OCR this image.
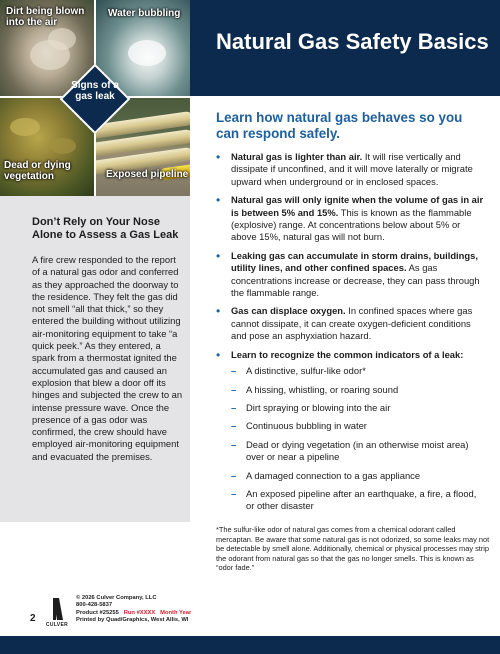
Dirt being blown into the air
Water bubbling
Dead or dying vegetation	Exposed pipeline
Signs of a gas leak
Natural Gas Safety Basics
Don’t Rely on Your Nose Alone to Assess a Gas Leak

A fire crew responded to the report of a natural gas odor and conferred as they approached the doorway to the residence. They felt the gas did not smell “all that thick,” so they entered the building without utilizing air-monitoring equipment to take “a quick peek.” As they entered, a spark from a thermostat ignited the accumulated gas and caused an explosion that blew a door off its hinges and subjected the crew to an intense pressure wave. Once the presence of a gas odor was confirmed, the crew should have employed air-monitoring equipment and evacuated the premises.

Learn how natural gas behaves so you can respond safely.
• Natural gas is lighter than air. It will rise vertically and dissipate if unconfined, and it will move laterally or migrate upward when underground or in enclosed spaces.
• Natural gas will only ignite when the volume of gas in air is between 5% and 15%. This is known as the flammable (explosive) range. At concentrations below about 5% or above 15%, natural gas will not burn.
• Leaking gas can accumulate in storm drains, buildings, utility lines, and other confined spaces. As gas concentrations increase or decrease, they can pass through the flammable range.
• Gas can displace oxygen. In confined spaces where gas cannot dissipate, it can create oxygen-deficient conditions and pose an asphyxiation hazard.
• Learn to recognize the common indicators of a leak:
– A distinctive, sulfur-like odor*
– A hissing, whistling, or roaring sound
– Dirt spraying or blowing into the air
– Continuous bubbling in water
– Dead or dying vegetation (in an otherwise moist area) over or near a pipeline
– A damaged connection to a gas appliance
– An exposed pipeline after an earthquake, a fire, a flood, or other disaster
*The sulfur-like odor of natural gas comes from a chemical odorant called mercaptan. Be aware that some natural gas is not odorized, so some leaks may not be detectable by smell alone. Additionally, chemical or physical processes may strip the odorant from natural gas so that the gas no longer smells. This is known as “odor fade.”
2
CULVER
© 2026 Culver Company, LLC
800-428-5837
Product #25255 Run #XXXX Month Year
Printed by Quad/Graphics, West Allis, WI
